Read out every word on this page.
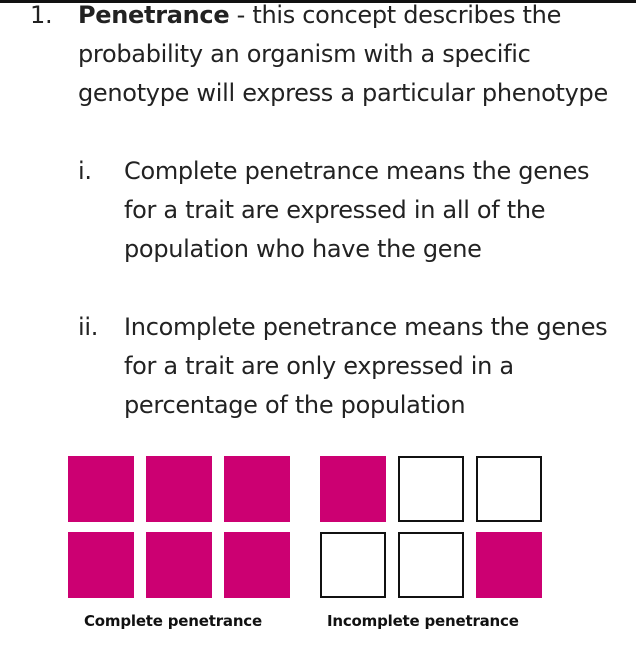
1. Penetrance - this concept describes the probability an organism with a specific genotype will express a particular phenotype
i. Complete penetrance means the genes for a trait are expressed in all of the population who have the gene
ii. Incomplete penetrance means the genes for a trait are only expressed in a percentage of the population
Complete penetrance	Incomplete penetrance
